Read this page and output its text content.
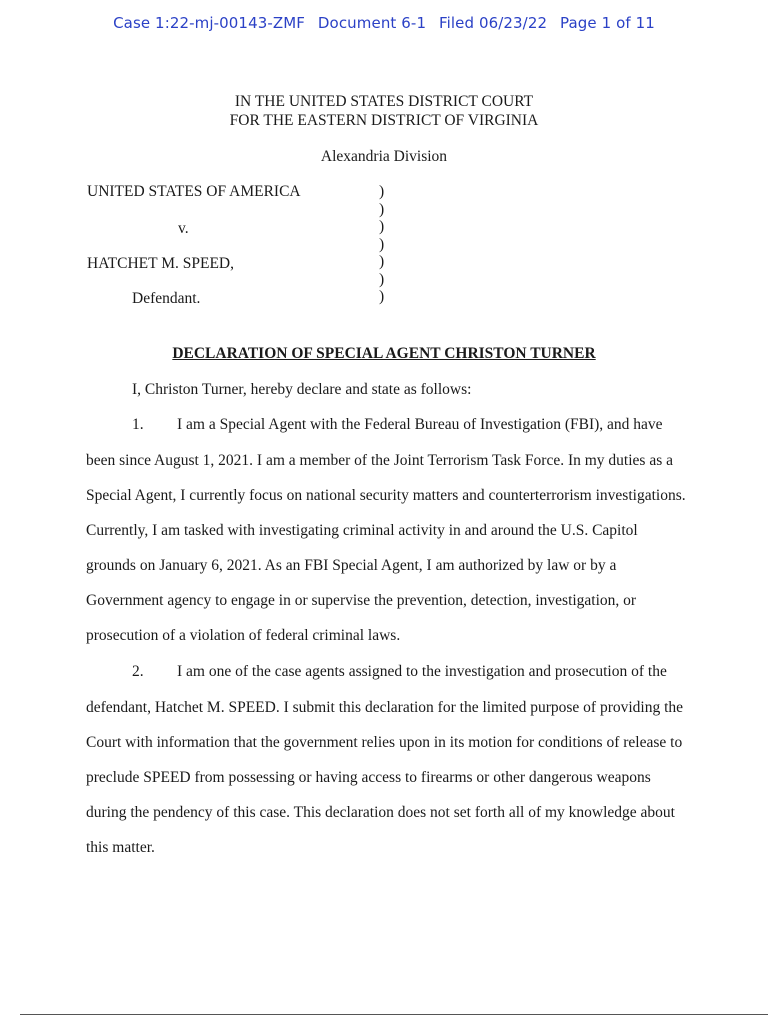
Case 1:22-mj-00143-ZMF Document 6-1 Filed 06/23/22 Page 1 of 11
IN THE UNITED STATES DISTRICT COURT
FOR THE EASTERN DISTRICT OF VIRGINIA
Alexandria Division
UNITED STATES OF AMERICA
v.
HATCHET M. SPEED,
Defendant.
)
)
)
)
)
)
)
DECLARATION OF SPECIAL AGENT CHRISTON TURNER
I, Christon Turner, hereby declare and state as follows:
1.	I am a Special Agent with the Federal Bureau of Investigation (FBI), and have
been since August 1, 2021. I am a member of the Joint Terrorism Task Force. In my duties as a
Special Agent, I currently focus on national security matters and counterterrorism investigations.
Currently, I am tasked with investigating criminal activity in and around the U.S. Capitol
grounds on January 6, 2021. As an FBI Special Agent, I am authorized by law or by a
Government agency to engage in or supervise the prevention, detection, investigation, or
prosecution of a violation of federal criminal laws.
2.	I am one of the case agents assigned to the investigation and prosecution of the
defendant, Hatchet M. SPEED. I submit this declaration for the limited purpose of providing the
Court with information that the government relies upon in its motion for conditions of release to
preclude SPEED from possessing or having access to firearms or other dangerous weapons
during the pendency of this case. This declaration does not set forth all of my knowledge about
this matter.
